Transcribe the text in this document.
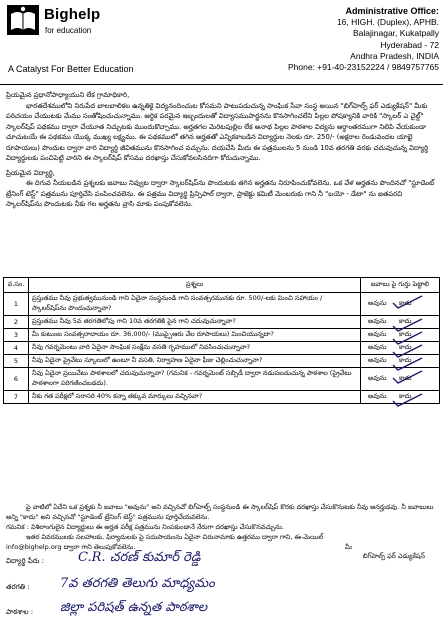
Bighelp
for education
A Catalyst For Better Education
Administrative Office:
16, HIGH. (Duplex), APHB.
Balajinagar, Kukatpally
Hyderabad - 72
Andhra Pradesh, INDIA
Phone: +91-40-23152224 / 9849757765

ప్రియమైన ప్రధానోపాధ్యాయుని లేక గ్రామాధికారి,

భారతదేశములోని నిరుపేద బాలబాలికల ఉన్నతికై విద్యనందించుట కోసమని పాటుపడుచున్న సాంఘిక సేవా సంస్థ అయిన "బిగ్‌హెల్ప్ ఫర్ ఎడ్యుకేషన్" మీకు పరిచయం చేయుటకు మేము సంతోషించుచున్నాము. ఆర్థిక పరమైన ఇబ్బందులతో విద్యాసముపార్జనను కొనసాగించలేని పిల్లల పోషక్యానికి వారికి "స్కాలర్ ఎ చైల్డ్" స్కాలర్‌షిప్ పథకము ద్వారా చేయూత నిచ్చుటకు ముందుకొచ్చాము. అర్హతగల మెరిటపుల్లిల లేక అనాథ పిల్లల పాఠశాల విద్యను అర్ధాంతరముగా నిలిపి వేయకుండా చూచుటయే ఈ పథకము యొక్క ముఖ్య లక్ష్యము. ఈ పథకములో తగిన అర్హతతో ఎన్నికకాబడిన విద్యార్థుల నెలకు రూ. 250/- (అక్షరాల రెండువందల యాభై రూపాయలు) పొందుట ద్వారా వారి విద్యార్థి జీవితమును కొనసాగించ వచ్చును. దయచేసి మీరు ఈ పత్రములను 5 నుండి 10వ తరగతి వరకు చదువుచున్న విద్యార్థి విద్యార్థులకు పంచిపెట్టి వారిని ఈ స్కాలర్‌షిప్ కోసము దరఖాస్తు చేసుకోవలసినదిగా కోరుచున్నాము.

ప్రియమైన విద్యార్థి,

ఈ దిగువ నీయబడిన ప్రశ్నలకు జవాబు నివ్వుట ద్వారా స్కాలర్‌షిప్‌ను పొందుటకు తగిన అర్హతను నిరూపించుకోవలెను. ఒక వేళ అర్హతను పొందినచో "స్టూడెంట్ ట్రేనింగ్ టెస్ట్" పత్రమును పూర్తిచేసి పంపించవలెను. ఈ పత్రము విద్యార్థి ప్రిన్సిపాల్ ద్వారా, ప్రాజెక్టు కమిటీ మెంబరుకు గాని నీ "బయో - డేటా" ను జతపరచి స్కాలర్‌షిప్‌ను పొందుటకు నీకు గల అర్హతను వ్రాసి మాకు పంపుకోవలెను.

వ.సం.	ప్రశ్నలు	జవాబు పై గుర్తు పెట్టాలి
1	ప్రస్తుతము నీవు ప్రభుత్వమునుండి గాని ఏదైనా సంస్థనుండి గాని సంవత్సరమునకు రూ. 500/-లకు మించి సహాయం / స్కాలర్‌షిప్‌ను పొందుచున్నావా?	అవును కాదు

2	ప్రస్తుతము నీవు 5వ తరగతిలోపు గాని 10వ తరగతికి పైన గాని చదువుచున్నావా?	అవును కాదు

3	మీ కుటుంబ సంవత్సరాదాయం రూ. 36,000/- (ముప్పైఆరు వేల రూపాయలు) మించియున్నదా?	అవును కాదు

4	నీవు గవర్నమెంటు వారి ఏదైనా సాంఘిక సంక్షేమ వసతి గృహములో నివసించుచున్నావా?	అవును కాదు

5	నీవు ఏదైనా ప్రైవేటు స్కూలులో ఉంటూ నీ వసతి, నిర్వాహణ ఏదైనా ఫీజు చెల్లించుచున్నావా?	అవును కాదు

6	నీవు ఏదైనా ప్రయివేటు పాఠశాలలో చదువుచున్నావా? (గమనిక - గవర్నమెంట్ సబ్సిడీ ద్వారా నడుపబడుచున్న పాఠశాల (ప్రైవేటు పాఠశాలగా పరిగణించబడదు).	అవును కాదు

7	నీకు గత పరీక్షలో సరాసరి 40% కన్నా తక్కువ మార్కులు వచ్చినవా?	అవును కాదు

పై వాటిలో ఏదేని ఒక ప్రశ్నకు నీ జవాబు "అవును" అని వచ్చినచో బిగ్‌హెల్ప్ సంస్థనుండి ఈ స్కాలర్‌షిప్ కొరకు దరఖాస్తు చేసుకొనుటకు నీవు అనర్హుడవు. నీ జవాబులు అన్ని "కాదు" అని వచ్చినచో "స్టూడెంట్ ట్రేనింగ్ టెస్ట్" పత్రమును పూర్తిచేయవలెను.

గమనిక : విశిలాంగులైన విద్యార్థులు ఈ అర్హత పరీక్ష పత్రమును నింపకుండానే నేరుగా దరఖాస్తు చేసుకొనవచ్చును.

ఇతర వివరములకు సలహాలకు, ఫిర్యాదులకు పై సదుపాయంను ఏదైనా చిరునామాకు ఉత్తరము ద్వారా గాని, ఈ-మెయిల్

info@bighelp.org ద్వారా గాని తెలుపుకోవలెను.	మీ
బిగ్‌హెల్ప్ ఫర్ ఎడ్యుకేషన్
విద్యార్థి పేరు :	C.R. చరణ్ కుమార్ రెడ్డి
తరగతి : 7వ తరగతి తెలుగు మాధ్యమం
పాఠశాల : జిల్లా పరిషత్ ఉన్నత పాఠశాల
